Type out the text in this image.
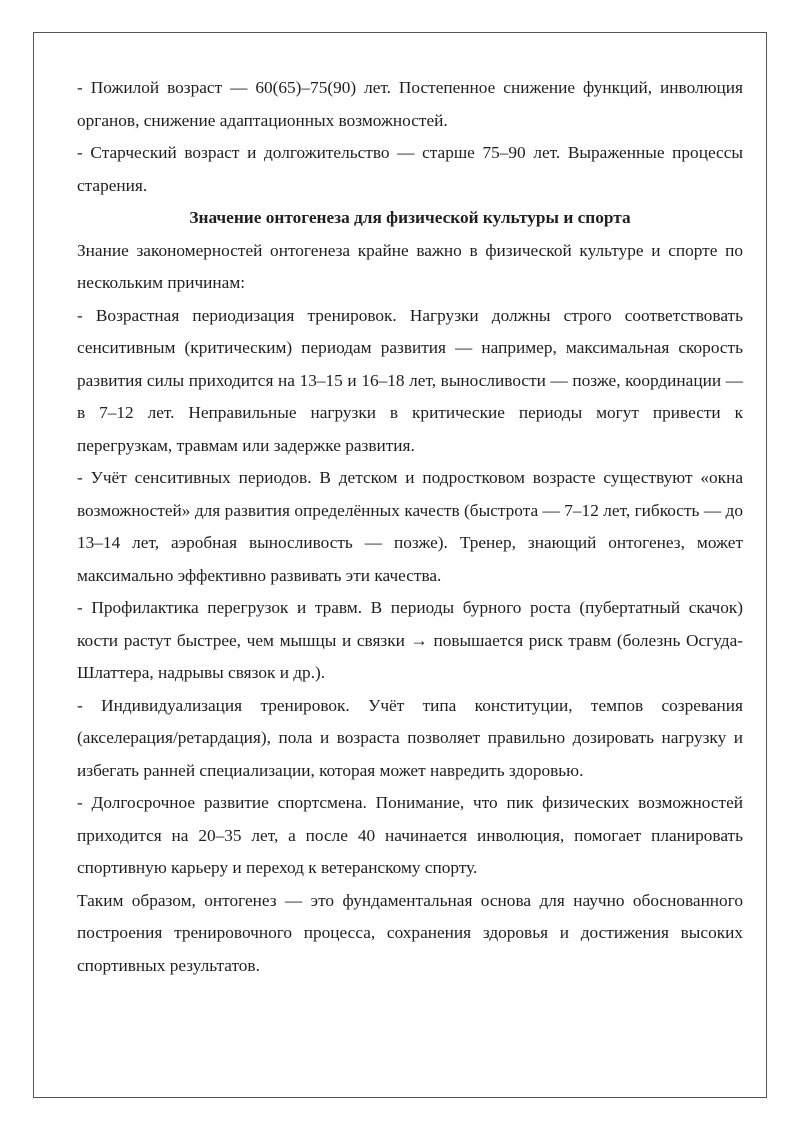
- Пожилой возраст — 60(65)–75(90) лет. Постепенное снижение функций, инволюция органов, снижение адаптационных возможностей.

- Старческий возраст и долгожительство — старше 75–90 лет. Выраженные процессы старения.

Значение онтогенеза для физической культуры и спорта

Знание закономерностей онтогенеза крайне важно в физической культуре и спорте по нескольким причинам:

- Возрастная периодизация тренировок. Нагрузки должны строго соответствовать сенситивным (критическим) периодам развития — например, максимальная скорость развития силы приходится на 13–15 и 16–18 лет, выносливости — позже, координации — в 7–12 лет. Неправильные нагрузки в критические периоды могут привести к перегрузкам, травмам или задержке развития.

- Учёт сенситивных периодов. В детском и подростковом возрасте существуют «окна возможностей» для развития определённых качеств (быстрота — 7–12 лет, гибкость — до 13–14 лет, аэробная выносливость — позже). Тренер, знающий онтогенез, может максимально эффективно развивать эти качества.

- Профилактика перегрузок и травм. В периоды бурного роста (пубертатный скачок) кости растут быстрее, чем мышцы и связки → повышается риск травм (болезнь Осгуда-Шлаттера, надрывы связок и др.).

- Индивидуализация тренировок. Учёт типа конституции, темпов созревания (акселерация/ретардация), пола и возраста позволяет правильно дозировать нагрузку и избегать ранней специализации, которая может навредить здоровью.

- Долгосрочное развитие спортсмена. Понимание, что пик физических возможностей приходится на 20–35 лет, а после 40 начинается инволюция, помогает планировать спортивную карьеру и переход к ветеранскому спорту.

Таким образом, онтогенез — это фундаментальная основа для научно обоснованного построения тренировочного процесса, сохранения здоровья и достижения высоких спортивных результатов.
